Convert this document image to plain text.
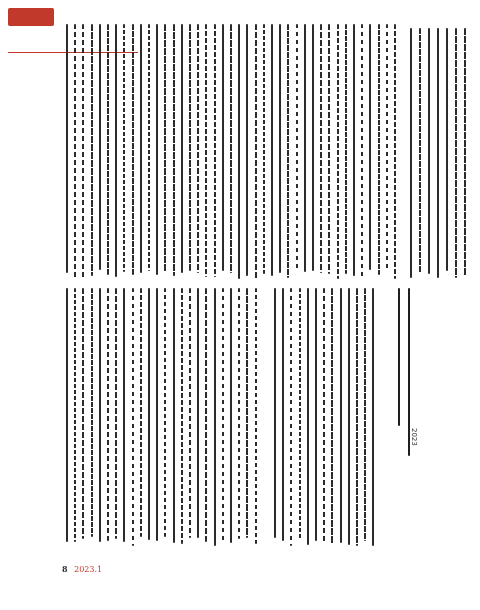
2023
8 2023.1
